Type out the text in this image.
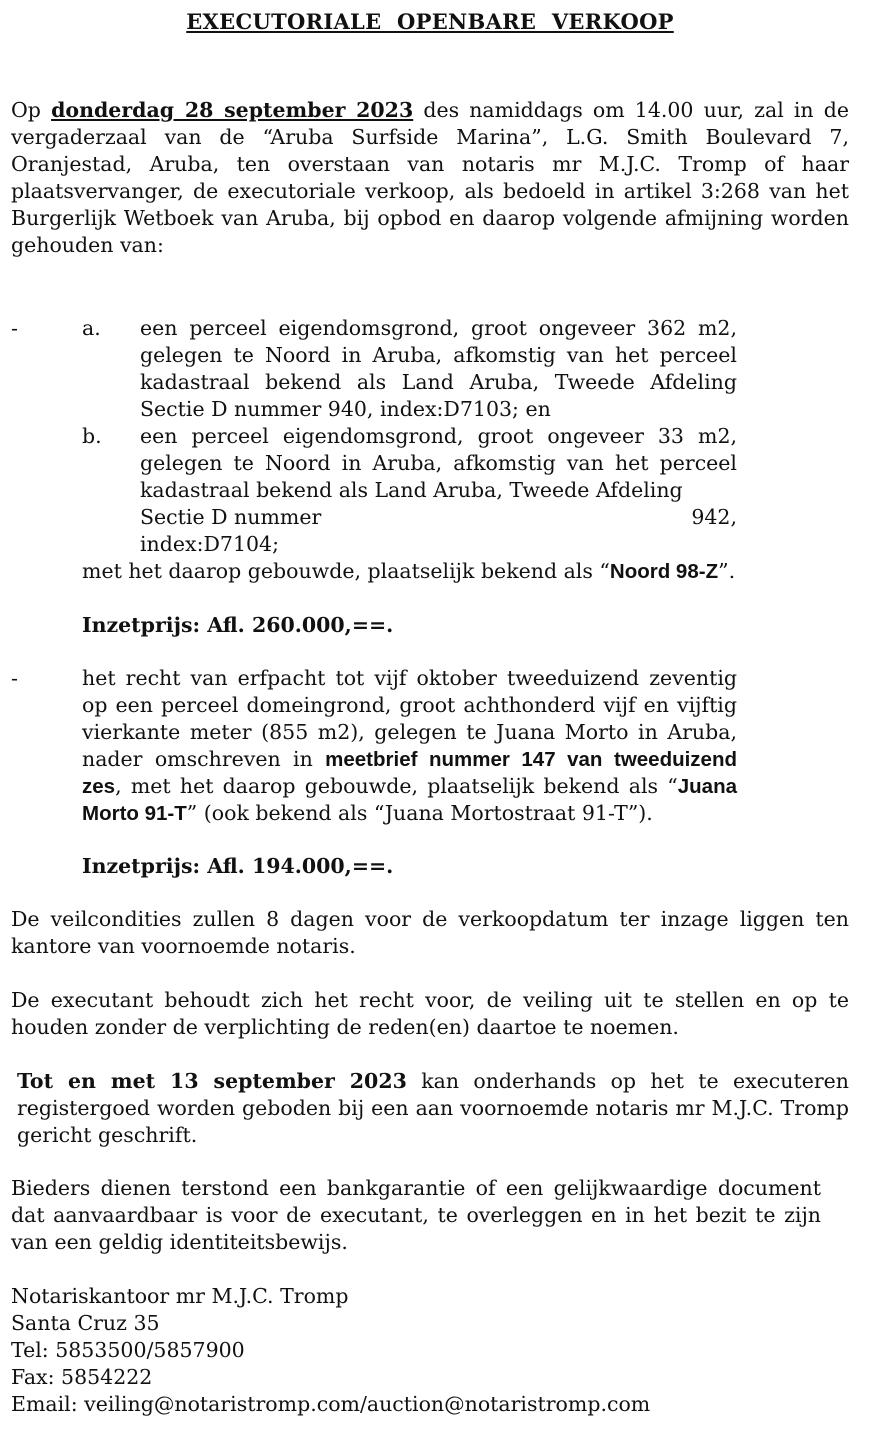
EXECUTORIALE OPENBARE VERKOOP
Op donderdag 28 september 2023 des namiddags om 14.00 uur, zal in de vergaderzaal van de “Aruba Surfside Marina”, L.G. Smith Boulevard 7, Oranjestad, Aruba, ten overstaan van notaris mr M.J.C. Tromp of haar plaatsvervanger, de executoriale verkoop, als bedoeld in artikel 3:268 van het Burgerlijk Wetboek van Aruba, bij opbod en daarop volgende afmijning worden gehouden van:
-	a. een perceel eigendomsgrond, groot ongeveer 362 m2, gelegen te Noord in Aruba, afkomstig van het perceel kadastraal bekend als Land Aruba, Tweede Afdeling Sectie D nummer 940, index:D7103; en
b. een perceel eigendomsgrond, groot ongeveer 33 m2, gelegen te Noord in Aruba, afkomstig van het perceel kadastraal bekend als Land Aruba, Tweede Afdeling
Sectie D nummer	942,
index:D7104;
met het daarop gebouwde, plaatselijk bekend als “Noord 98-Z”.
Inzetprijs: Afl. 260.000,==.
-	het recht van erfpacht tot vijf oktober tweeduizend zeventig op een perceel domeingrond, groot achthonderd vijf en vijftig vierkante meter (855 m2), gelegen te Juana Morto in Aruba, nader omschreven in meetbrief nummer 147 van tweeduizend zes, met het daarop gebouwde, plaatselijk bekend als “Juana Morto 91-T” (ook bekend als “Juana Mortostraat 91-T”).
Inzetprijs: Afl. 194.000,==.
De veilcondities zullen 8 dagen voor de verkoopdatum ter inzage liggen ten kantore van voornoemde notaris.
De executant behoudt zich het recht voor, de veiling uit te stellen en op te houden zonder de verplichting de reden(en) daartoe te noemen.
Tot en met 13 september 2023 kan onderhands op het te executeren registergoed worden geboden bij een aan voornoemde notaris mr M.J.C. Tromp gericht geschrift.
Bieders dienen terstond een bankgarantie of een gelijkwaardige document dat aanvaardbaar is voor de executant, te overleggen en in het bezit te zijn van een geldig identiteitsbewijs.
Notariskantoor mr M.J.C. Tromp
Santa Cruz 35
Tel: 5853500/5857900
Fax: 5854222
Email: veiling@notaristromp.com/auction@notaristromp.com
